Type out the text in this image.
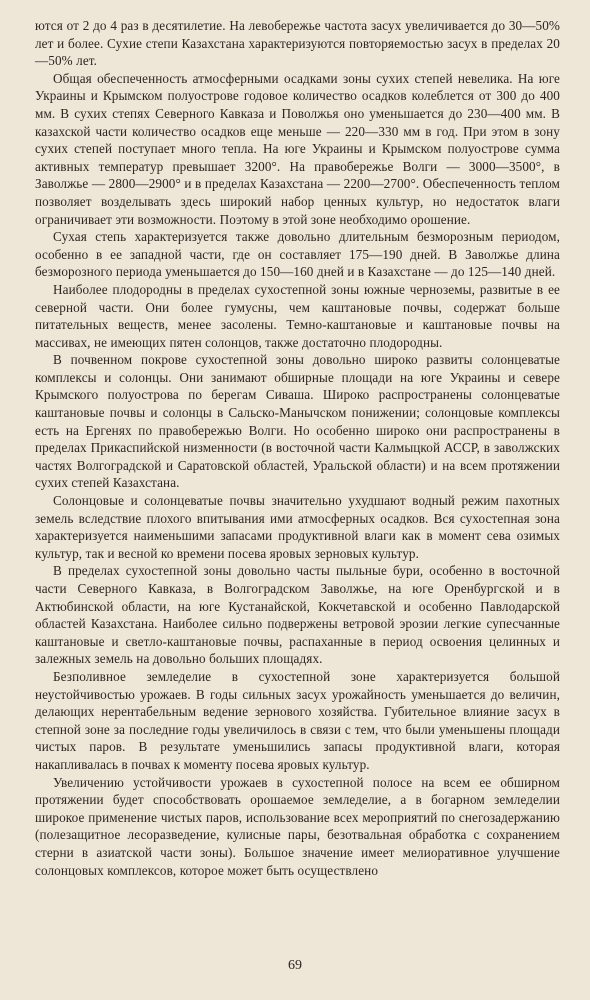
ются от 2 до 4 раз в десятилетие. На левобережье частота засух увеличивается до 30—50% лет и более. Сухие степи Казахстана характеризуются повторяемостью засух в пределах 20—50% лет.

Общая обеспеченность атмосферными осадками зоны сухих степей невелика. На юге Украины и Крымском полуострове годовое количество осадков колеблется от 300 до 400 мм. В сухих степях Северного Кавказа и Поволжья оно уменьшается до 230—400 мм. В казахской части количество осадков еще меньше — 220—330 мм в год. При этом в зону сухих степей поступает много тепла. На юге Украины и Крымском полуострове сумма активных температур превышает 3200°. На правобережье Волги — 3000—3500°, в Заволжье — 2800—2900° и в пределах Казахстана — 2200—2700°. Обеспеченность теплом позволяет возделывать здесь широкий набор ценных культур, но недостаток влаги ограничивает эти возможности. Поэтому в этой зоне необходимо орошение.

Сухая степь характеризуется также довольно длительным безморозным периодом, особенно в ее западной части, где он составляет 175—190 дней. В Заволжье длина безморозного периода уменьшается до 150—160 дней и в Казахстане — до 125—140 дней.

Наиболее плодородны в пределах сухостепной зоны южные черноземы, развитые в ее северной части. Они более гумусны, чем каштановые почвы, содержат больше питательных веществ, менее засолены. Темно-каштановые и каштановые почвы на массивах, не имеющих пятен солонцов, также достаточно плодородны.

В почвенном покрове сухостепной зоны довольно широко развиты солонцеватые комплексы и солонцы. Они занимают обширные площади на юге Украины и севере Крымского полуострова по берегам Сиваша. Широко распространены солонцеватые каштановые почвы и солонцы в Сальско-Манычском понижении; солонцовые комплексы есть на Ергенях по правобережью Волги. Но особенно широко они распространены в пределах Прикаспийской низменности (в восточной части Калмыцкой АССР, в заволжских частях Волгоградской и Саратовской областей, Уральской области) и на всем протяжении сухих степей Казахстана.

Солонцовые и солонцеватые почвы значительно ухудшают водный режим пахотных земель вследствие плохого впитывания ими атмосферных осадков. Вся сухостепная зона характеризуется наименьшими запасами продуктивной влаги как в момент сева озимых культур, так и весной ко времени посева яровых зерновых культур.

В пределах сухостепной зоны довольно часты пыльные бури, особенно в восточной части Северного Кавказа, в Волгоградском Заволжье, на юге Оренбургской и в Актюбинской области, на юге Кустанайской, Кокчетавской и особенно Павлодарской областей Казахстана. Наиболее сильно подвержены ветровой эрозии легкие супесчанные каштановые и светло-каштановые почвы, распаханные в период освоения целинных и залежных земель на довольно больших площадях.

Безполивное земледелие в сухостепной зоне характеризуется большой неустойчивостью урожаев. В годы сильных засух урожайность уменьшается до величин, делающих нерентабельным ведение зернового хозяйства. Губительное влияние засух в степной зоне за последние годы увеличилось в связи с тем, что были уменьшены площади чистых паров. В результате уменьшились запасы продуктивной влаги, которая накапливалась в почвах к моменту посева яровых культур.

Увеличению устойчивости урожаев в сухостепной полосе на всем ее обширном протяжении будет способствовать орошаемое земледелие, а в богарном земледелии широкое применение чистых паров, использование всех мероприятий по снегозадержанию (полезащитное лесоразведение, кулисные пары, безотвальная обработка с сохранением стерни в азиатской части зоны). Большое значение имеет мелиоративное улучшение солонцовых комплексов, которое может быть осуществлено

69
